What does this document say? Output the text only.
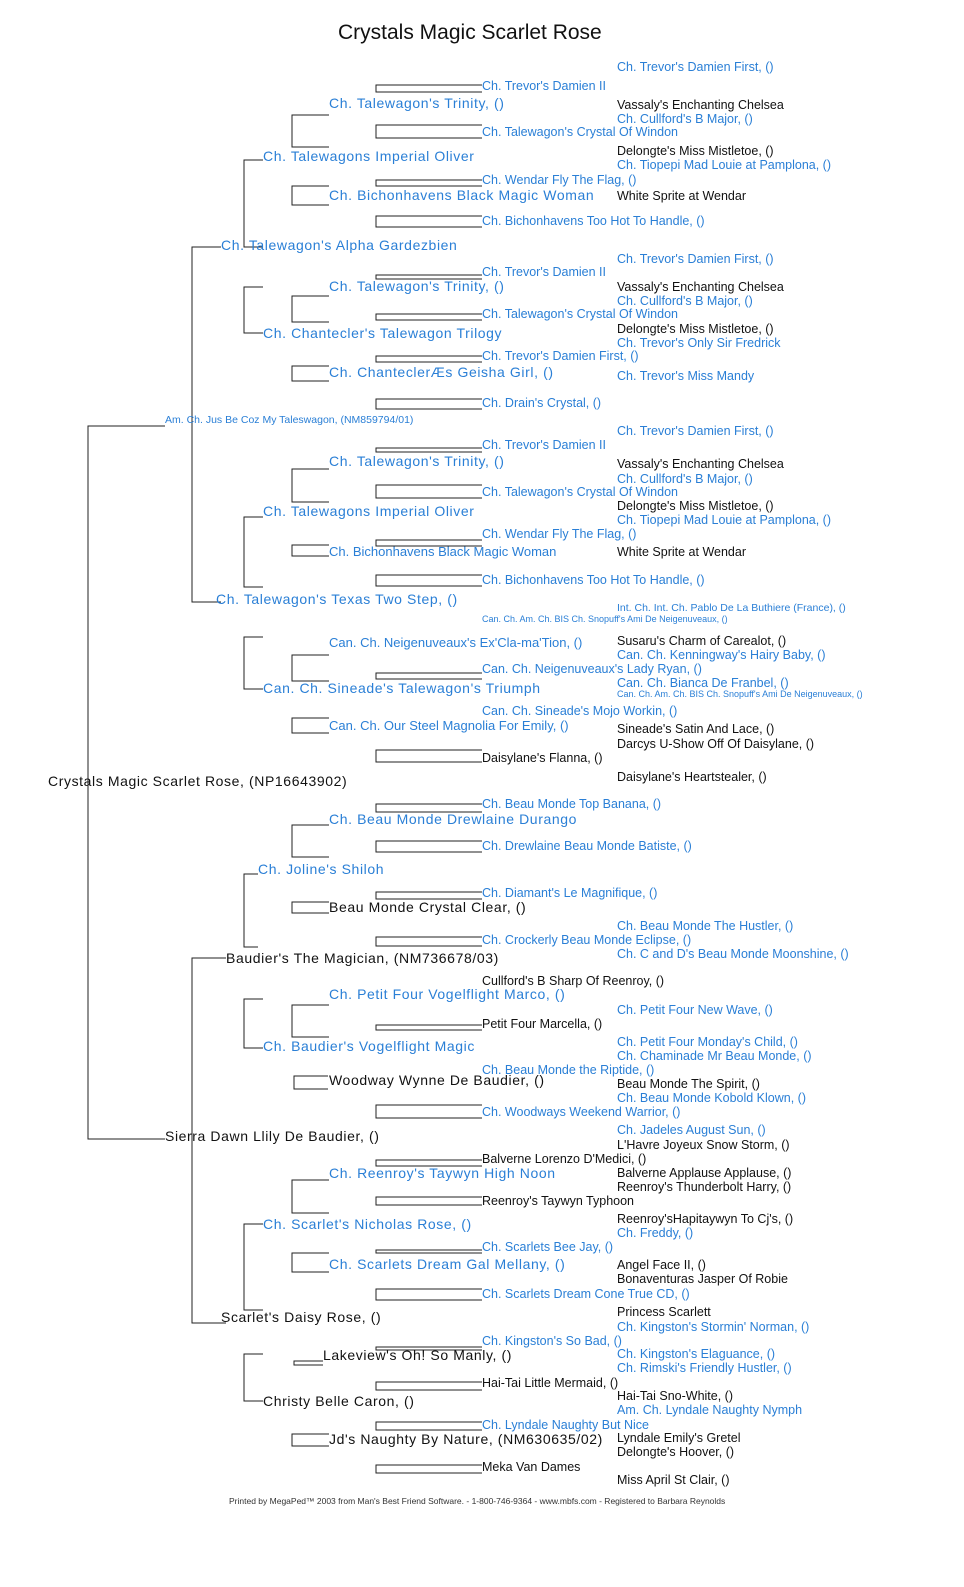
Crystals Magic Scarlet Rose
Crystals Magic Scarlet Rose, (NP16643902)
Am. Ch. Jus Be Coz My Taleswagon, (NM859794/01)
Sierra Dawn Llily De Baudier, ()
Ch. Talewagon's Alpha Gardezbien
Ch. Talewagon's Texas Two Step, ()
Baudier's The Magician, (NM736678/03)
Scarlet's Daisy Rose, ()
Ch. Talewagons Imperial Oliver
Ch. Chantecler's Talewagon Trilogy
Ch. Talewagons Imperial Oliver
Can. Ch. Sineade's Talewagon's Triumph
Ch. Joline's Shiloh
Ch. Baudier's Vogelflight Magic
Ch. Scarlet's Nicholas Rose, ()
Christy Belle Caron, ()
Ch. Talewagon's Trinity, ()
Ch. Bichonhavens Black Magic Woman
Ch. Talewagon's Trinity, ()
Ch. ChanteclerÆs Geisha Girl, ()
Ch. Talewagon's Trinity, ()
Ch. Bichonhavens Black Magic Woman
Can. Ch. Neigenuveaux's Ex'Cla-ma'Tion, ()
Can. Ch. Our Steel Magnolia For Emily, ()
Ch. Beau Monde Drewlaine Durango
Beau Monde Crystal Clear, ()
Ch. Petit Four Vogelflight Marco, ()
Woodway Wynne De Baudier, ()
Ch. Reenroy's Taywyn High Noon
Ch. Scarlets Dream Gal Mellany, ()
Lakeview's Oh! So Manly, ()
Jd's Naughty By Nature, (NM630635/02)
Ch. Trevor's Damien II
Ch. Talewagon's Crystal Of Windon
Ch. Wendar Fly The Flag, ()
Ch. Bichonhavens Too Hot To Handle, ()
Ch. Trevor's Damien II
Ch. Talewagon's Crystal Of Windon
Ch. Trevor's Damien First, ()
Ch. Drain's Crystal, ()
Ch. Trevor's Damien II
Ch. Talewagon's Crystal Of Windon
Ch. Wendar Fly The Flag, ()
Ch. Bichonhavens Too Hot To Handle, ()
Can. Ch. Am. Ch. BIS Ch. Snopuff's Ami De Neigenuveaux, ()
Can. Ch. Neigenuveaux's Lady Ryan, ()
Can. Ch. Sineade's Mojo Workin, ()
Daisylane's Flanna, ()
Ch. Beau Monde Top Banana, ()
Ch. Drewlaine Beau Monde Batiste, ()
Ch. Diamant's Le Magnifique, ()
Ch. Crockerly Beau Monde Eclipse, ()
Cullford's B Sharp Of Reenroy, ()
Petit Four Marcella, ()
Ch. Beau Monde the Riptide, ()
Ch. Woodways Weekend Warrior, ()
Balverne Lorenzo D'Medici, ()
Reenroy's Taywyn Typhoon
Ch. Scarlets Bee Jay, ()
Ch. Scarlets Dream Cone True CD, ()
Ch. Kingston's So Bad, ()
Hai-Tai Little Mermaid, ()
Ch. Lyndale Naughty But Nice
Meka Van Dames
Ch. Trevor's Damien First, ()
Vassaly's Enchanting Chelsea
Ch. Cullford's B Major, ()
Delongte's Miss Mistletoe, ()
Ch. Tiopepi Mad Louie at Pamplona, ()
White Sprite at Wendar
Ch. Trevor's Damien First, ()
Vassaly's Enchanting Chelsea
Ch. Cullford's B Major, ()
Delongte's Miss Mistletoe, ()
Ch. Trevor's Only Sir Fredrick
Ch. Trevor's Miss Mandy
Ch. Trevor's Damien First, ()
Vassaly's Enchanting Chelsea
Ch. Cullford's B Major, ()
Delongte's Miss Mistletoe, ()
Ch. Tiopepi Mad Louie at Pamplona, ()
White Sprite at Wendar
Int. Ch. Int. Ch. Pablo De La Buthiere (France), ()
Susaru's Charm of Carealot, ()
Can. Ch. Kenningway's Hairy Baby, ()
Can. Ch. Bianca De Franbel, ()
Can. Ch. Am. Ch. BIS Ch. Snopuff's Ami De Neigenuveaux, ()
Sineade's Satin And Lace, ()
Darcys U-Show Off Of Daisylane, ()
Daisylane's Heartstealer, ()
Ch. Beau Monde The Hustler, ()
Ch. C and D's Beau Monde Moonshine, ()
Ch. Petit Four New Wave, ()
Ch. Petit Four Monday's Child, ()
Ch. Chaminade Mr Beau Monde, ()
Beau Monde The Spirit, ()
Ch. Beau Monde Kobold Klown, ()
Ch. Jadeles August Sun, ()
L'Havre Joyeux Snow Storm, ()
Balverne Applause Applause, ()
Reenroy's Thunderbolt Harry, ()
Reenroy'sHapitaywyn To Cj's, ()
Ch. Freddy, ()
Angel Face II, ()
Bonaventuras Jasper Of Robie
Princess Scarlett
Ch. Kingston's Stormin' Norman, ()
Ch. Kingston's Elaguance, ()
Ch. Rimski's Friendly Hustler, ()
Hai-Tai Sno-White, ()
Am. Ch. Lyndale Naughty Nymph
Lyndale Emily's Gretel
Delongte's Hoover, ()
Miss April St Clair, ()
Printed by MegaPed™ 2003 from Man's Best Friend Software. - 1-800-746-9364 - www.mbfs.com - Registered to Barbara Reynolds
